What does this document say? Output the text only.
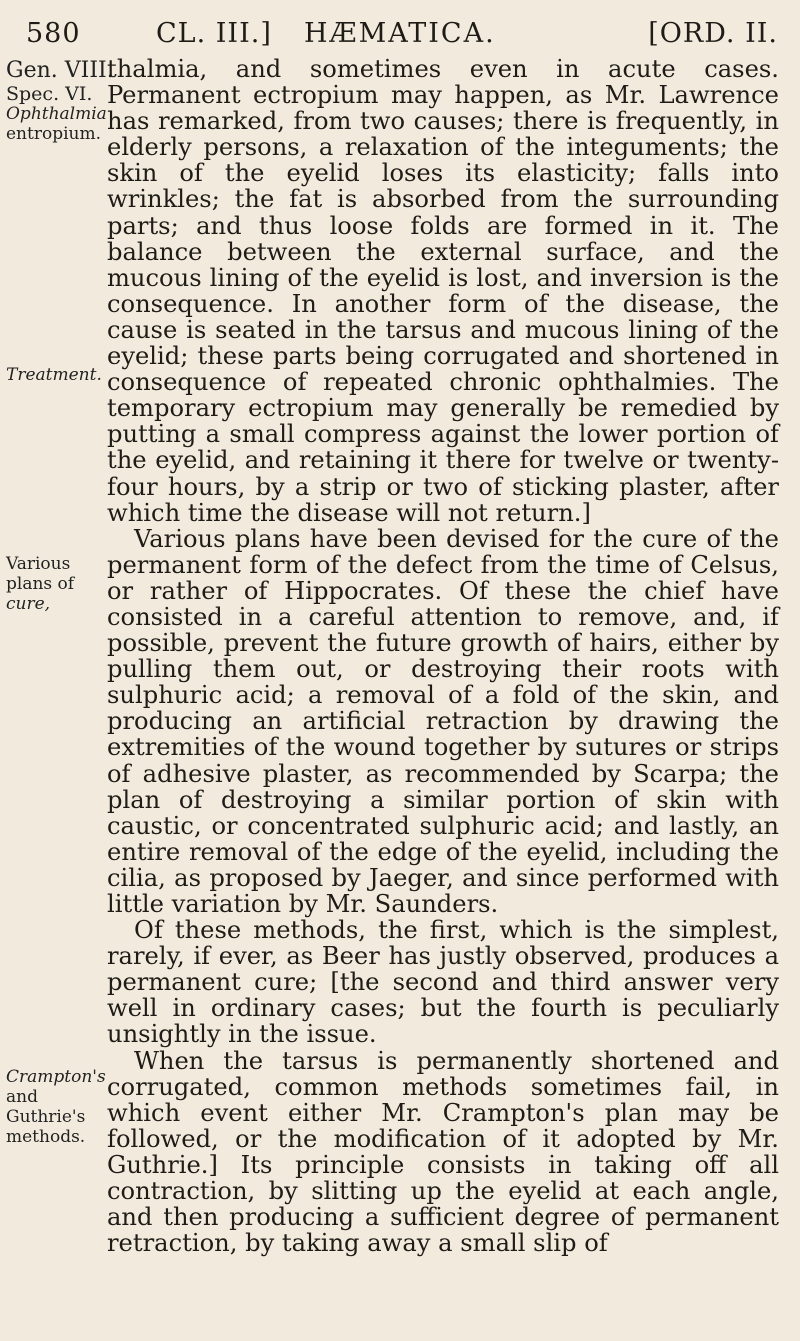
580	CL. III.] HÆMATICA.	[ORD. II.
Gen. VIII.
Spec. VI.
Ophthalmia
entropium.
Treatment.
Various
plans of
cure,
Crampton's
and
Guthrie's
methods.

thalmia, and sometimes even in acute cases. Permanent ectropium may happen, as Mr. Lawrence has remarked, from two causes; there is frequently, in elderly persons, a relaxation of the integuments; the skin of the eyelid loses its elasticity; falls into wrinkles; the fat is absorbed from the surrounding parts; and thus loose folds are formed in it. The balance between the external surface, and the mucous lining of the eyelid is lost, and inversion is the consequence. In another form of the disease, the cause is seated in the tarsus and mucous lining of the eyelid; these parts being corrugated and shortened in consequence of repeated chronic ophthalmies. The temporary ectropium may generally be remedied by putting a small compress against the lower portion of the eyelid, and retaining it there for twelve or twenty-four hours, by a strip or two of sticking plaster, after which time the disease will not return.]

Various plans have been devised for the cure of the permanent form of the defect from the time of Celsus, or rather of Hippocrates. Of these the chief have consisted in a careful attention to remove, and, if possible, prevent the future growth of hairs, either by pulling them out, or destroying their roots with sulphuric acid; a removal of a fold of the skin, and producing an artificial retraction by drawing the extremities of the wound together by sutures or strips of adhesive plaster, as recommended by Scarpa; the plan of destroying a similar portion of skin with caustic, or concentrated sulphuric acid; and lastly, an entire removal of the edge of the eyelid, including the cilia, as proposed by Jaeger, and since performed with little variation by Mr. Saunders.

Of these methods, the first, which is the simplest, rarely, if ever, as Beer has justly observed, produces a permanent cure; [the second and third answer very well in ordinary cases; but the fourth is peculiarly unsightly in the issue.

When the tarsus is permanently shortened and corrugated, common methods sometimes fail, in which event either Mr. Crampton's plan may be followed, or the modification of it adopted by Mr. Guthrie.] Its principle consists in taking off all contraction, by slitting up the eyelid at each angle, and then producing a sufficient degree of permanent retraction, by taking away a small slip of
